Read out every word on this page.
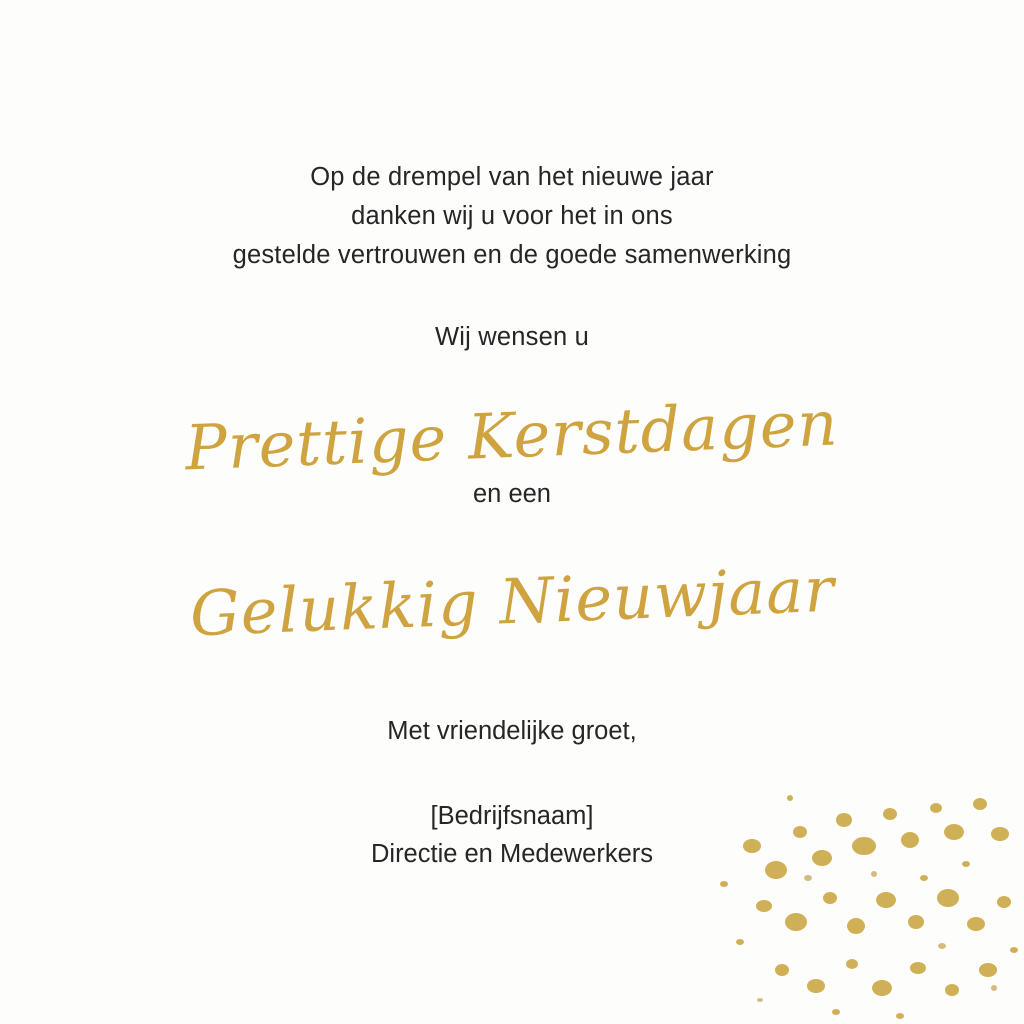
Op de drempel van het nieuwe jaar
danken wij u voor het in ons
gestelde vertrouwen en de goede samenwerking
Wij wensen u
Prettige Kerstdagen
en een
Gelukkig Nieuwjaar
Met vriendelijke groet,
[Bedrijfsnaam]
Directie en Medewerkers
